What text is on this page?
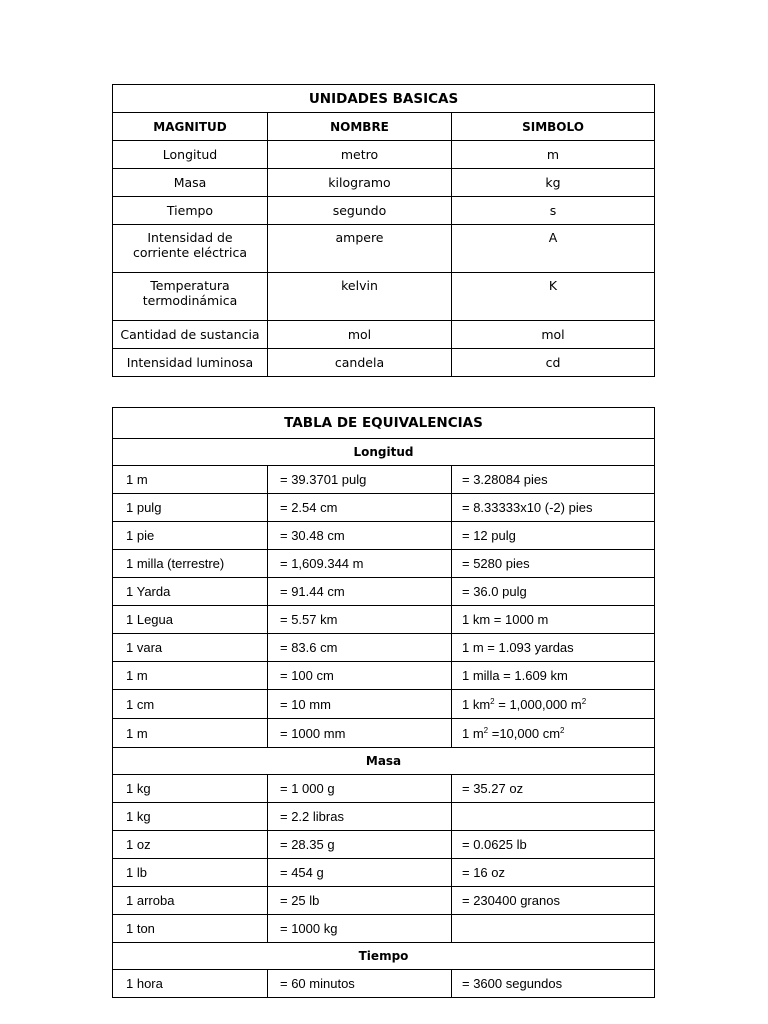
UNIDADES BASICAS		
MAGNITUD	NOMBRE	SIMBOLO
Longitud	metro	m
Masa	kilogramo	kg
Tiempo	segundo	s
Intensidad de
corriente eléctrica	ampere	A
Temperatura
termodinámica	kelvin	K
Cantidad de sustancia	mol	mol
Intensidad luminosa	candela	cd
TABLA DE EQUIVALENCIAS		
Longitud		
1 m	= 39.3701 pulg	= 3.28084 pies
1 pulg	= 2.54 cm	= 8.33333x10 (-2) pies
1 pie	= 30.48 cm	= 12 pulg
1 milla (terrestre)	= 1,609.344 m	= 5280 pies
1 Yarda	= 91.44 cm	= 36.0 pulg
1 Legua	= 5.57 km	1 km = 1000 m
1 vara	= 83.6 cm	1 m = 1.093 yardas
1 m	= 100 cm	1 milla = 1.609 km
1 cm	= 10 mm	1 $km^2 = 1,000,000$ $m^2$
1 m	= 1000 mm	1 $m^2 =10,000$ $cm^2$
Masa		
1 kg	= 1 000 g	= 35.27 oz
1 kg	= 2.2 libras	
1 oz	= 28.35 g	= 0.0625 lb
1 lb	= 454 g	= 16 oz
1 arroba	= 25 lb	= 230400 granos
1 ton	= 1000 kg	
Tiempo		
1 hora	= 60 minutos	= 3600 segundos
